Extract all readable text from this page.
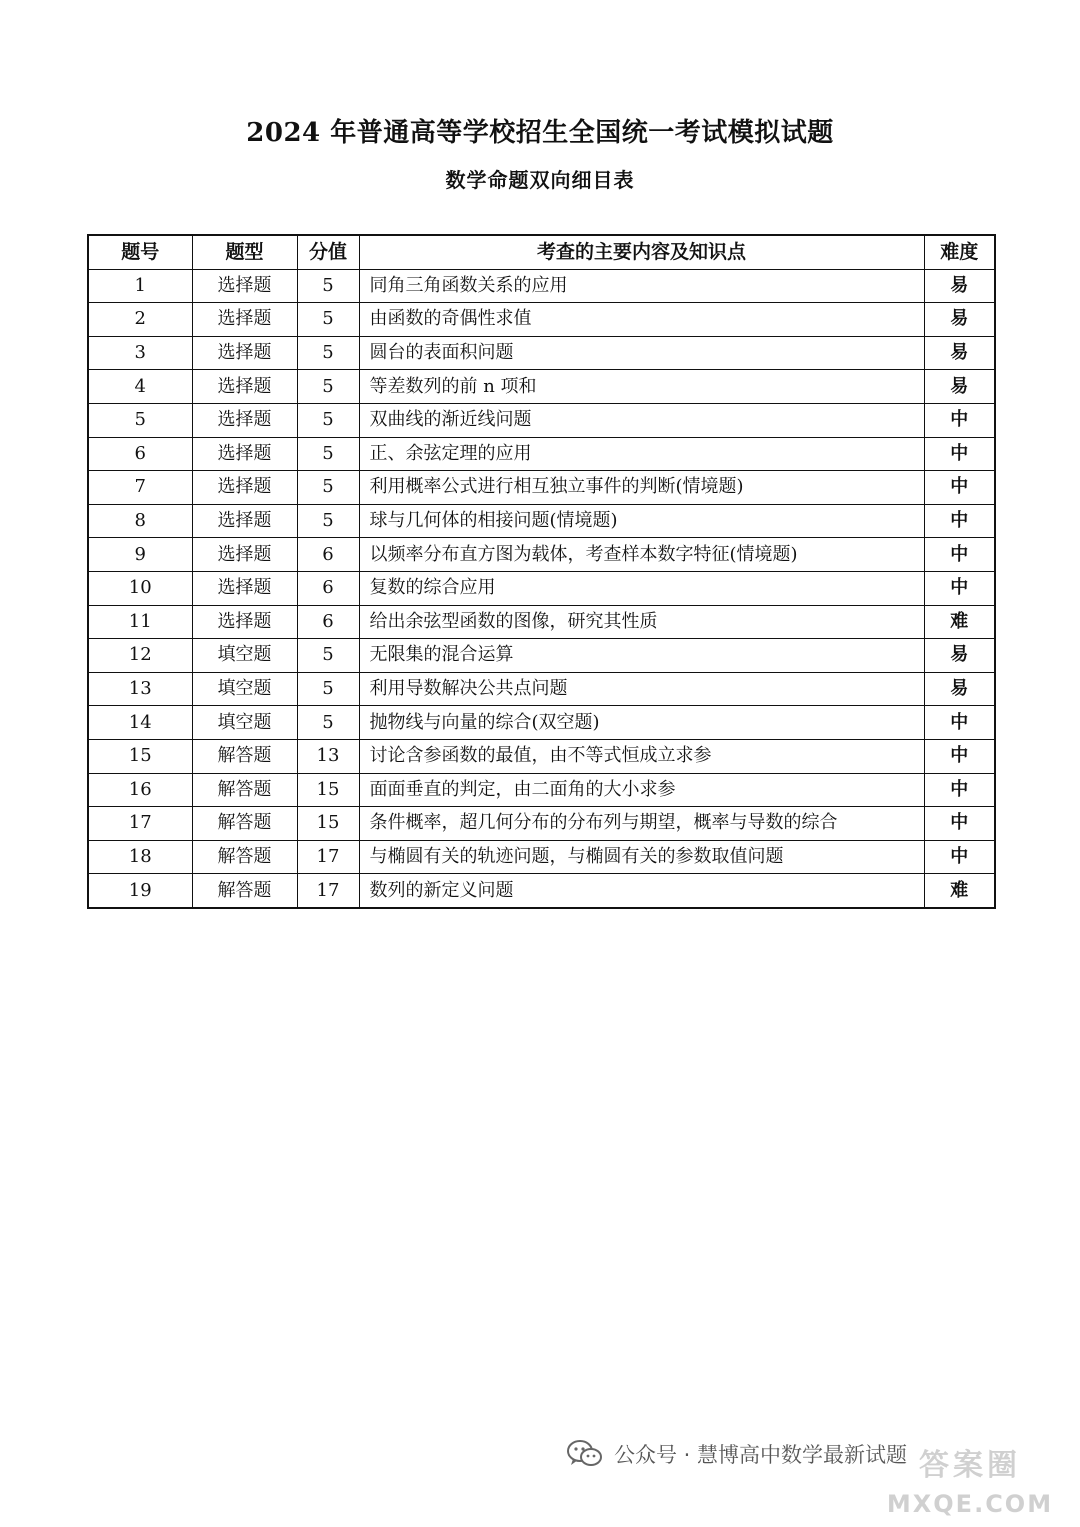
2024 年普通高等学校招生全国统一考试模拟试题
数学命题双向细目表
题号	题型	分值	考查的主要内容及知识点	难度
1	选择题	5	同角三角函数关系的应用	易
2	选择题	5	由函数的奇偶性求值	易
3	选择题	5	圆台的表面积问题	易
4	选择题	5	等差数列的前 n 项和	易
5	选择题	5	双曲线的渐近线问题	中
6	选择题	5	正、余弦定理的应用	中
7	选择题	5	利用概率公式进行相互独立事件的判断(情境题)	中
8	选择题	5	球与几何体的相接问题(情境题)	中
9	选择题	6	以频率分布直方图为载体，考查样本数字特征(情境题)	中
10	选择题	6	复数的综合应用	中
11	选择题	6	给出余弦型函数的图像，研究其性质	难
12	填空题	5	无限集的混合运算	易
13	填空题	5	利用导数解决公共点问题	易
14	填空题	5	抛物线与向量的综合(双空题)	中
15	解答题	13	讨论含参函数的最值，由不等式恒成立求参	中
16	解答题	15	面面垂直的判定，由二面角的大小求参	中
17	解答题	15	条件概率，超几何分布的分布列与期望，概率与导数的综合	中
18	解答题	17	与椭圆有关的轨迹问题，与椭圆有关的参数取值问题	中
19	解答题	17	数列的新定义问题	难
公众号 · 慧博高中数学最新试题 答案圈
MXQE.COM
